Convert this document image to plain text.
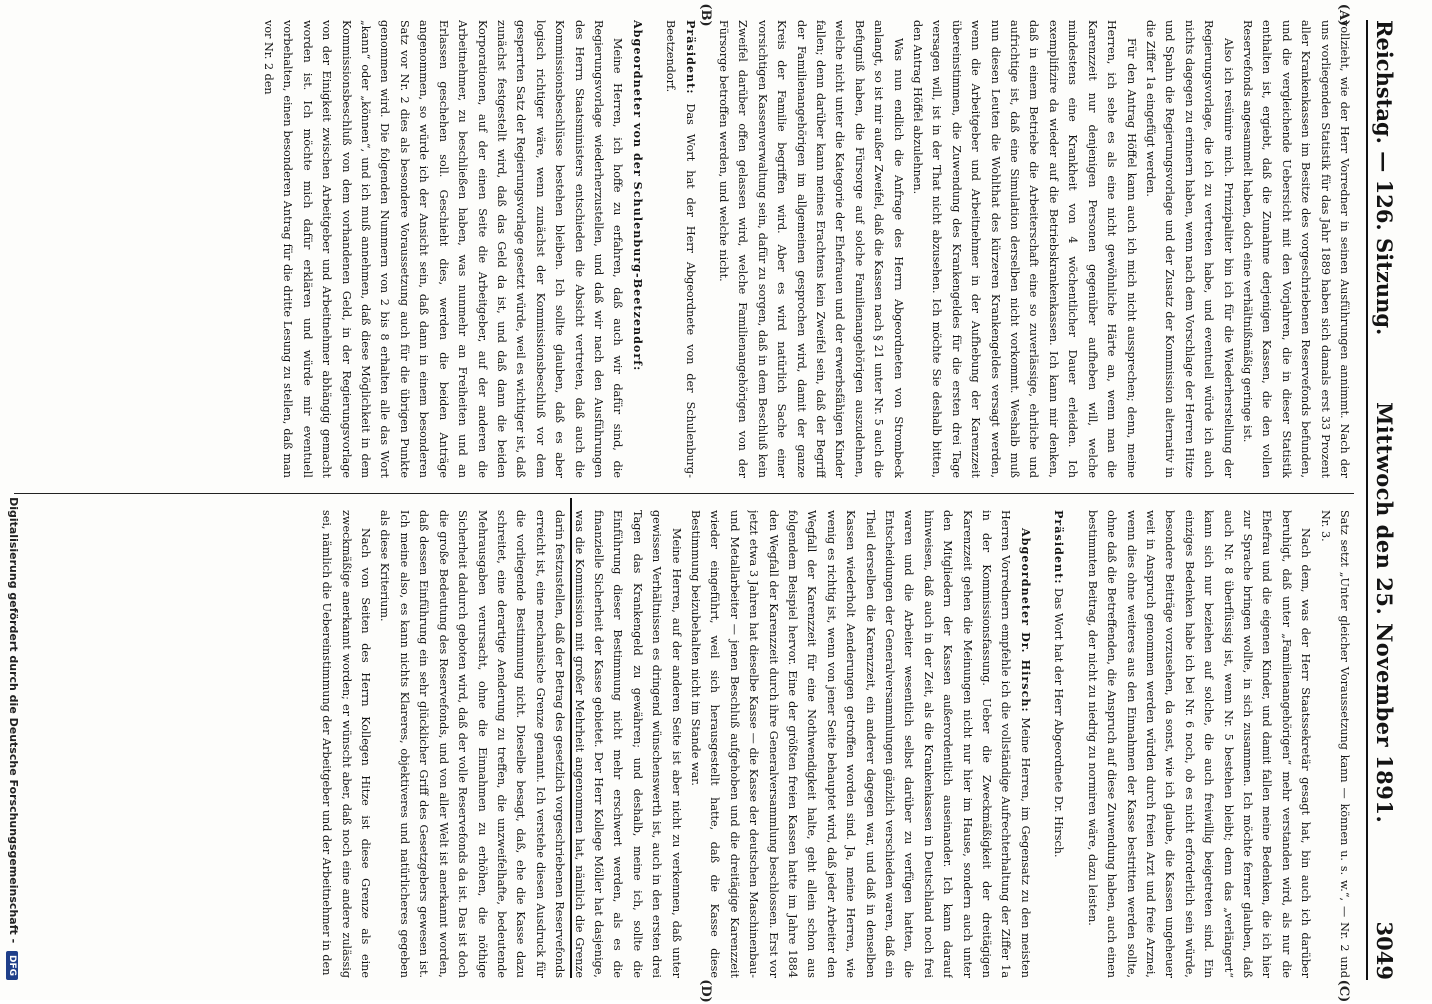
Reichstag. — 126. Sitzung.
Mittwoch den 25. November 1891.
3049
(A)
(B)
(C)
(D)

vollzieht, wie der Herr Vorredner in seinen Ausführungen annimmt. Nach der uns vorliegenden Statistik für das Jahr 1889 haben sich damals erst 33 Prozent aller Krankenkassen im Besitze des vorgeschriebenen Reservefonds befunden, und die vergleichende Uebersicht mit den Vorjahren, die in dieser Statistik enthalten ist, ergiebt, daß die Zunahme derjenigen Kassen, die den vollen Reservefonds angesammelt haben, doch eine verhältnißmäßig geringe ist.

Also ich resümire mich. Prinzipaliter bin ich für die Wiederherstellung der Regierungsvorlage, die ich zu vertreten habe, und eventuell würde ich auch nichts dagegen zu erinnern haben, wenn nach dem Vorschlage der Herren Hitze und Spahn die Regierungsvorlage und der Zusatz der Kommission alternativ in die Ziffer 1a eingefügt werden.

Für den Antrag Höffel kann auch ich mich nicht aussprechen; denn, meine Herren, ich sehe es als eine nicht gewöhnliche Härte an, wenn man die Karenzzeit nur denjenigen Personen gegenüber aufheben will, welche mindestens eine Krankheit von 4 wöchentlicher Dauer erleiden. Ich exemplifizire da wieder auf die Betriebskrankenkassen. Ich kann mir denken, daß in einem Betriebe die Arbeiterschaft eine so zuverlässige, ehrliche und aufrichtige ist, daß eine Simulation derselben nicht vorkommt. Weshalb muß nun diesen Leuten die Wohlthat des kürzeren Krankengeldes versagt werden, wenn die Arbeitgeber und Arbeitnehmer in der Aufhebung der Karenzzeit übereinstimmen, die Zuwendung des Krankengeldes für die ersten drei Tage versagen will, ist in der That nicht abzusehen. Ich möchte Sie deshalb bitten, den Antrag Höffel abzulehnen.

Was nun endlich die Anfrage des Herrn Abgeordneten von Strombeck anlangt, so ist mir außer Zweifel, daß die Kassen nach § 21 unter Nr. 5 auch die Befugniß haben, die Fürsorge auf solche Familienangehörigen auszudehnen, welche nicht unter die Kategorie der Ehefrauen und der erwerbsfähigen Kinder fallen; denn darüber kann meines Erachtens kein Zweifel sein, daß der Begriff der Familienangehörigen im allgemeinen gesprochen wird, damit der ganze Kreis der Familie begriffen wird. Aber es wird natürlich Sache einer vorsichtigen Kassenverwaltung sein, dafür zu sorgen, daß in dem Beschluß kein Zweifel darüber offen gelassen wird, welche Familienangehörigen von der Fürsorge betroffen werden, und welche nicht.

Präsident: Das Wort hat der Herr Abgeordnete von der Schulenburg-Beetzendorf.

Abgeordneter von der Schulenburg-Beetzendorf:

Meine Herren, ich hoffe zu erfahren, daß auch wir dafür sind, die Regierungsvorlage wiederherzustellen, und daß wir nach den Ausführungen des Herrn Staatsministers entschieden die Absicht vertreten, daß auch die Kommissionsbeschlüsse bestehen bleiben. Ich sollte glauben, daß es aber logisch richtiger wäre, wenn zunächst der Kommissionsbeschluß vor dem gesperrten Satz der Regierungsvorlage gesetzt würde, weil es wichtiger ist, daß zunächst festgestellt wird, daß das Geld da ist, und daß dann die beiden Korporationen, auf der einen Seite die Arbeitgeber, auf der anderen die Arbeitnehmer, zu beschließen haben, was nunmehr an Freiheiten und an Erlassen geschehen soll. Geschieht dies, werden die beiden Anträge angenommen, so würde ich der Ansicht sein, daß dann in einem besonderen Satz vor Nr. 2 dies als besondere Voraussetzung auch für die übrigen Punkte genommen wird. Die folgenden Nummern von 2 bis 8 erhalten alle das Wort „kann“ oder „können“, und ich muß annehmen, daß diese Möglichkeit in dem Kommissionsbeschluß von dem vorhandenen Geld, in der Regierungsvorlage von der Einigkeit zwischen Arbeitgeber und Arbeitnehmer abhängig gemacht worden ist. Ich möchte mich dafür erklären und würde mir eventuell vorbehalten, einen besonderen Antrag für die dritte Lesung zu stellen, daß man vor Nr. 2 den

Satz setzt „Unter gleicher Voraussetzung kann — können u. s. w.“, — Nr. 2 und Nr. 3.

Nach dem, was der Herr Staatssekretär gesagt hat, bin auch ich darüber beruhigt, daß unter „Familienangehörigen“ mehr verstanden wird, als nur die Ehefrau und die eigenen Kinder, und damit fallen meine Bedenken, die ich hier zur Sprache bringen wollte, in sich zusammen. Ich möchte ferner glauben, daß auch Nr. 8 überflüssig ist, wenn Nr. 5 bestehen bleibt; denn das „verlängert“ kann sich nur beziehen auf solche, die auch freiwillig beigetreten sind. Ein einziges Bedenken habe ich bei Nr. 6 noch, ob es nicht erforderlich sein würde, besondere Beiträge vorzusehen, da sonst, wie ich glaube, die Kassen ungeheuer weit in Anspruch genommen werden würden durch freien Arzt und freie Arznei, wenn dies ohne weiteres aus den Einnahmen der Kasse bestritten werden sollte, ohne daß die Betreffenden, die Anspruch auf diese Zuwendung haben, auch einen bestimmten Beitrag, der nicht zu niedrig zu normiren wäre, dazu leisten.

Präsident: Das Wort hat der Herr Abgeordnete Dr. Hirsch.

Abgeordneter Dr. Hirsch: Meine Herren, im Gegensatz zu den meisten Herren Vorrednern empfehle ich die vollständige Aufrechterhaltung der Ziffer 1a in der Kommissionsfassung. Ueber die Zweckmäßigkeit der dreitägigen Karenzzeit gehen die Meinungen nicht nur hier im Hause, sondern auch unter den Mitgliedern der Kassen außerordentlich auseinander. Ich kann darauf hinweisen, daß auch in der Zeit, als die Krankenkassen in Deutschland noch frei waren und die Arbeiter wesentlich selbst darüber zu verfügen hatten, die Entscheidungen der Generalversammlungen gänzlich verschieden waren, daß ein Theil derselben die Karenzzeit, ein anderer dagegen war, und daß in denselben Kassen wiederholt Aenderungen getroffen worden sind. Ja, meine Herren, wie wenig es richtig ist, wenn von jener Seite behauptet wird, daß jeder Arbeiter den Wegfall der Karenzzeit für eine Nothwendigkeit halte, geht allein schon aus folgendem Beispiel hervor. Eine der größten freien Kassen hatte im Jahre 1884 den Wegfall der Karenzzeit durch ihre Generalversammlung beschlossen. Erst vor jetzt etwa 3 Jahren hat dieselbe Kasse — die Kasse der deutschen Maschinenbau- und Metallarbeiter — jenen Beschluß aufgehoben und die dreitägige Karenzzeit wieder eingeführt, weil sich herausgestellt hatte, daß die Kasse diese Bestimmung beizubehalten nicht im Stande war.

Meine Herren, auf der anderen Seite ist aber nicht zu verkennen, daß unter gewissen Verhältnissen es dringend wünschenswerth ist, auch in den ersten drei Tagen das Krankengeld zu gewähren; und deshalb, meine ich, sollte die Einführung dieser Bestimmung nicht mehr erschwert werden, als es die finanzielle Sicherheit der Kasse gebietet. Der Herr Kollege Möller hat dasjenige, was die Kommission mit großer Mehrheit angenommen hat, nämlich die Grenze darin festzustellen, daß der Betrag des gesetzlich vorgeschriebenen Reservefonds erreicht ist, eine mechanische Grenze genannt. Ich verstehe diesen Ausdruck für die vorliegende Bestimmung nicht. Dieselbe besagt, daß, ehe die Kasse dazu schreitet, eine derartige Aenderung zu treffen, die unzweifelhafte, bedeutende Mehrausgaben verursacht, ohne die Einnahmen zu erhöhen, die nöthige Sicherheit dadurch geboten wird, daß der volle Reservefonds da ist. Das ist doch die große Bedeutung des Reservefonds, und von aller Welt ist anerkannt worden, daß dessen Einführung ein sehr glücklicher Griff des Gesetzgebers gewesen ist. Ich meine also, es kann nichts Klareres, objektiveres und natürlicheres gegeben als diese Kriterium.

Nach von Seiten des Herrn Kollegen Hitze ist diese Grenze als eine zweckmäßige anerkannt worden; er wünscht aber, daß noch eine andere zulässig sei, nämlich die Uebereinstimmung der Arbeitgeber und der Arbeitnehmer in den

Digitalisierung gefördert durch die Deutsche Forschungsgemeinschaft - DFG
